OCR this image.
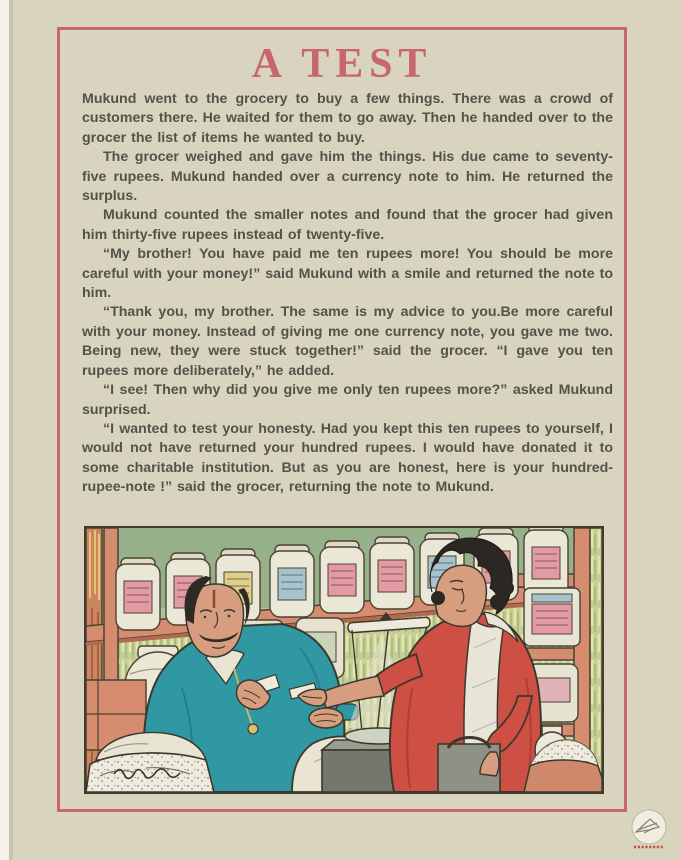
A TEST

Mukund went to the grocery to buy a few things. There was a crowd of customers there. He waited for them to go away. Then he handed over to the grocer the list of items he wanted to buy.

The grocer weighed and gave him the things. His due came to seventy-five rupees. Mukund handed over a currency note to him. He returned the surplus.

Mukund counted the smaller notes and found that the grocer had given him thirty-five rupees instead of twenty-five.

“My brother! You have paid me ten rupees more! You should be more careful with your money!” said Mukund with a smile and returned the note to him.

“Thank you, my brother. The same is my advice to you.Be more careful with your money. Instead of giving me one currency note, you gave me two. Being new, they were stuck together!” said the grocer. “I gave you ten rupees more deliberately,” he added.

“I see! Then why did you give me only ten rupees more?” asked Mukund surprised.

“I wanted to test your honesty. Had you kept this ten rupees to yourself, I would not have returned your hundred rupees. I would have donated it to some charitable institution. But as you are honest, here is your hundred-rupee-note !” said the grocer, returning the note to Mukund.
